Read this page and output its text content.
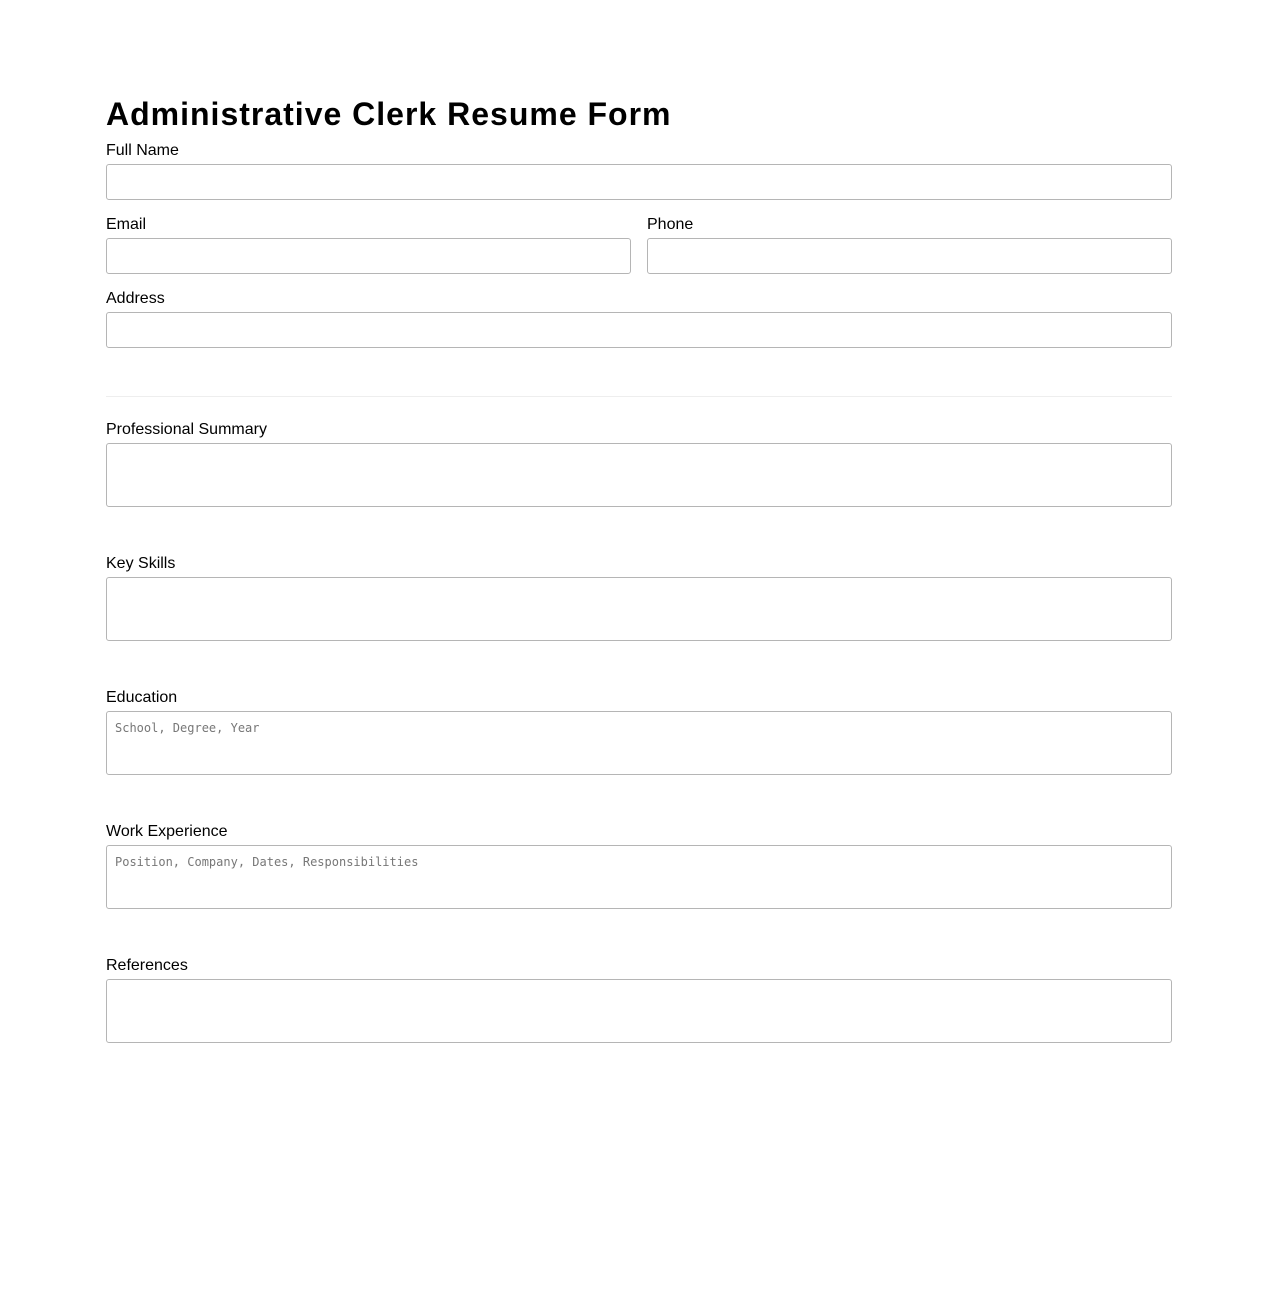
Administrative Clerk Resume Form
Full Name
Email	Phone
Address
Professional Summary
Key Skills
Education
School, Degree, Year
Work Experience
Position, Company, Dates, Responsibilities
References
